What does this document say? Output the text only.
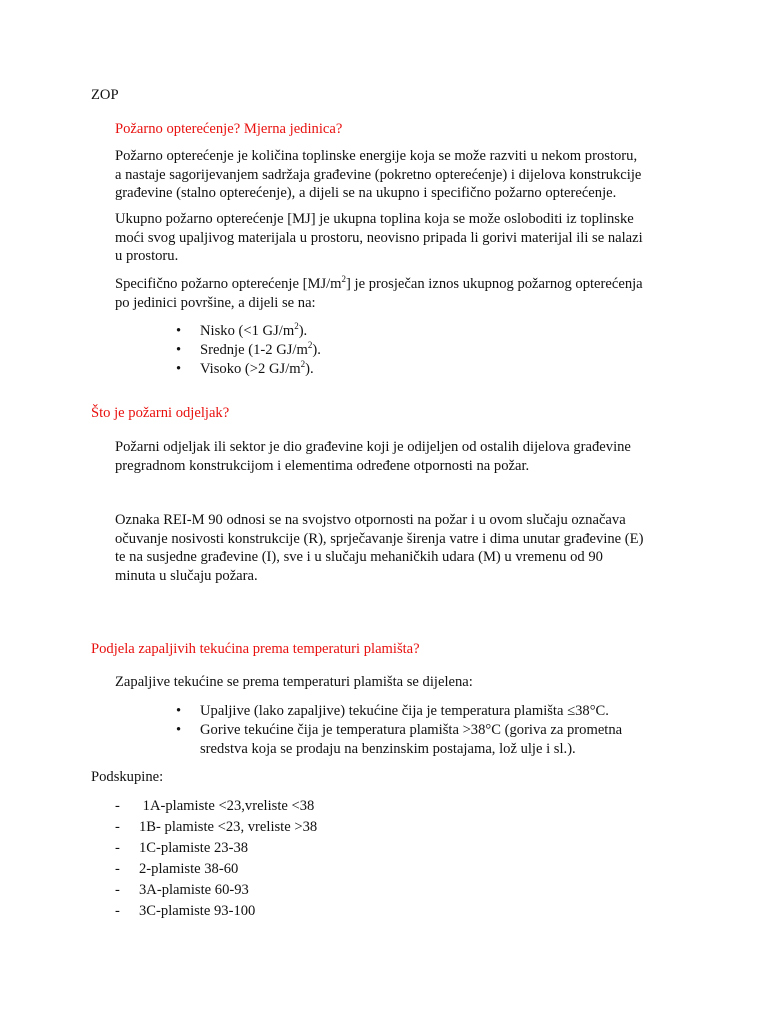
ZOP
Požarno opterećenje? Mjerna jedinica?
Požarno opterećenje je količina toplinske energije koja se može razviti u nekom prostoru,
a nastaje sagorijevanjem sadržaja građevine (pokretno opterećenje) i dijelova konstrukcije
građevine (stalno opterećenje), a dijeli se na ukupno i specifično požarno opterećenje.
Ukupno požarno opterećenje [MJ] je ukupna toplina koja se može osloboditi iz toplinske
moći svog upaljivog materijala u prostoru, neovisno pripada li gorivi materijal ili se nalazi
u prostoru.
Specifično požarno opterećenje $[MJ/m^2]$ je prosječan iznos ukupnog požarnog opterećenja
po jedinici površine, a dijeli se na:
•	Nisko (<1 $GJ/m^2$).
•	Srednje (1-2 $GJ/m^2$).
•	Visoko (>2 $GJ/m^2$).
Što je požarni odjeljak?
Požarni odjeljak ili sektor je dio građevine koji je odijeljen od ostalih dijelova građevine
pregradnom konstrukcijom i elementima određene otpornosti na požar.
Oznaka REI-M 90 odnosi se na svojstvo otpornosti na požar i u ovom slučaju označava
očuvanje nosivosti konstrukcije (R), sprječavanje širenja vatre i dima unutar građevine (E)
te na susjedne građevine (I), sve i u slučaju mehaničkih udara (M) u vremenu od 90
minuta u slučaju požara.
Podjela zapaljivih tekućina prema temperaturi plamišta?
Zapaljive tekućine se prema temperaturi plamišta se dijelena:
•	Upaljive (lako zapaljive) tekućine čija je temperatura plamišta ≤38°C.
•	Gorive tekućine čija je temperatura plamišta >38°C (goriva za prometna
sredstva koja se prodaju na benzinskim postajama, lož ulje i sl.).
Podskupine:
- 1A-plamiste <23,vreliste <38
- 1B- plamiste <23, vreliste >38
- 1C-plamiste 23-38
- 2-plamiste 38-60
- 3A-plamiste 60-93
- 3C-plamiste 93-100
